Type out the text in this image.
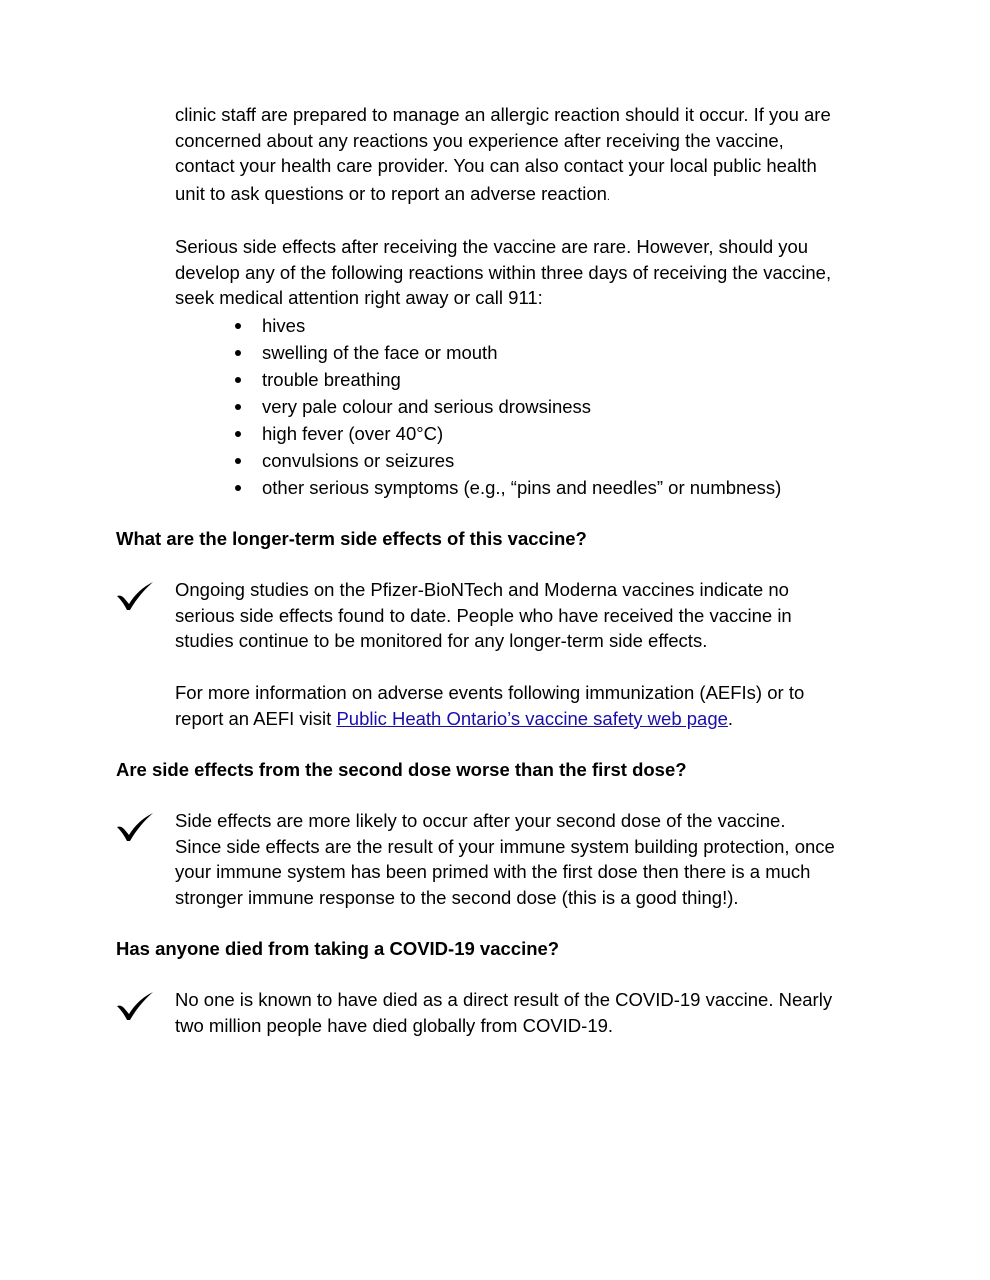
clinic staff are prepared to manage an allergic reaction should it occur. If you are
concerned about any reactions you experience after receiving the vaccine,
contact your health care provider. You can also contact your local public health
unit to ask questions or to report an adverse reaction.

Serious side effects after receiving the vaccine are rare. However, should you
develop any of the following reactions within three days of receiving the vaccine,
seek medical attention right away or call 911:

hives
swelling of the face or mouth
trouble breathing
very pale colour and serious drowsiness
high fever (over 40°C)
convulsions or seizures
other serious symptoms (e.g., “pins and needles” or numbness)
What are the longer-term side effects of this vaccine?

Ongoing studies on the Pfizer-BioNTech and Moderna vaccines indicate no
serious side effects found to date. People who have received the vaccine in
studies continue to be monitored for any longer-term side effects.

For more information on adverse events following immunization (AEFIs) or to
report an AEFI visit Public Heath Ontario’s vaccine safety web page.

Are side effects from the second dose worse than the first dose?

Side effects are more likely to occur after your second dose of the vaccine.
Since side effects are the result of your immune system building protection, once
your immune system has been primed with the first dose then there is a much
stronger immune response to the second dose (this is a good thing!).

Has anyone died from taking a COVID-19 vaccine?

No one is known to have died as a direct result of the COVID-19 vaccine. Nearly
two million people have died globally from COVID-19.
